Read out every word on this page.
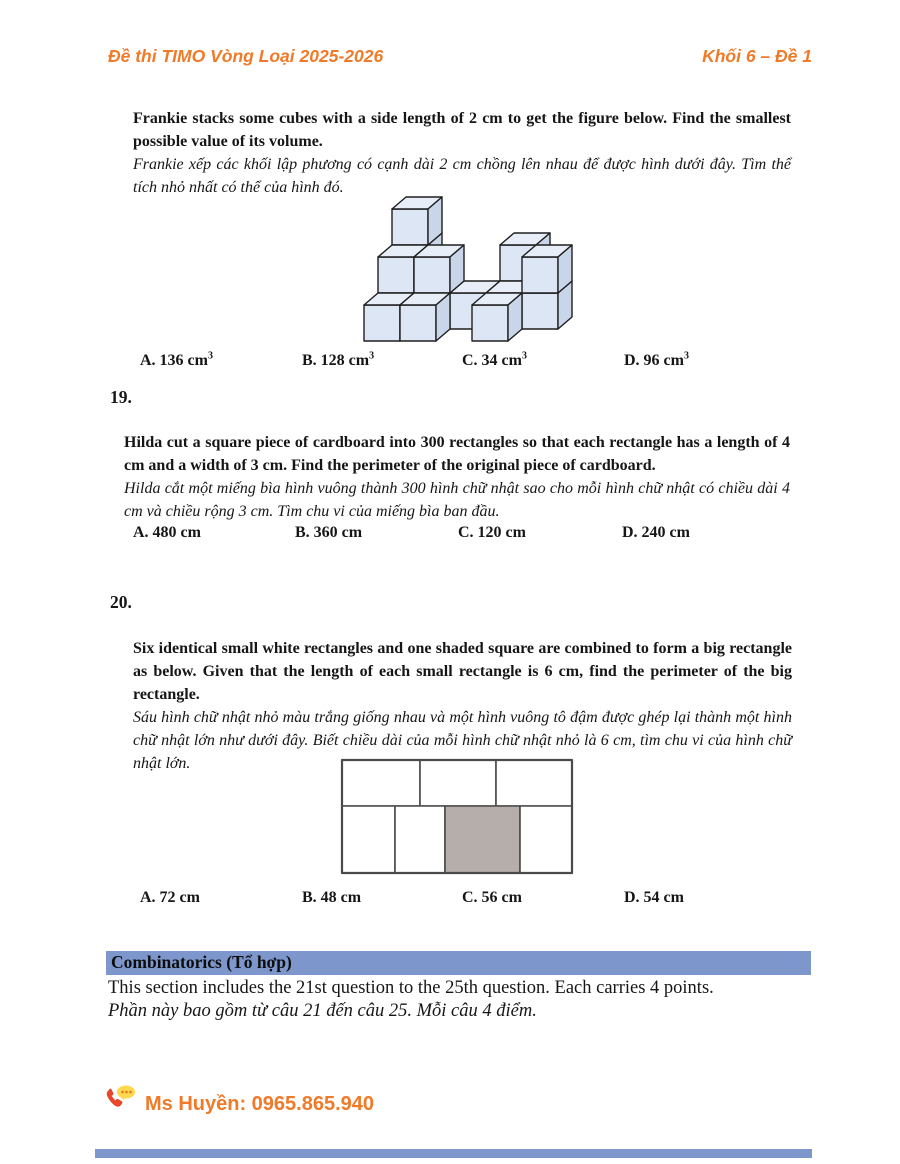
Đề thi TIMO Vòng Loại 2025-2026	Khối 6 – Đề 1

Frankie stacks some cubes with a side length of 2 cm to get the figure below. Find the smallest possible value of its volume.

Frankie xếp các khối lập phương có cạnh dài 2 cm chồng lên nhau để được hình dưới đây. Tìm thể tích nhỏ nhất có thể của hình đó.

A. 136 $cm^3$	B. 128 $cm^3$	C. 34 $cm^3$	D. 96 $cm^3$
19.

Hilda cut a square piece of cardboard into 300 rectangles so that each rectangle has a length of 4 cm and a width of 3 cm. Find the perimeter of the original piece of cardboard.

Hilda cắt một miếng bìa hình vuông thành 300 hình chữ nhật sao cho mỗi hình chữ nhật có chiều dài 4 cm và chiều rộng 3 cm. Tìm chu vi của miếng bìa ban đầu.

A. 480 cm	B. 360 cm	C. 120 cm	D. 240 cm
20.

Six identical small white rectangles and one shaded square are combined to form a big rectangle as below. Given that the length of each small rectangle is 6 cm, find the perimeter of the big rectangle.

Sáu hình chữ nhật nhỏ màu trắng giống nhau và một hình vuông tô đậm được ghép lại thành một hình chữ nhật lớn như dưới đây. Biết chiều dài của mỗi hình chữ nhật nhỏ là 6 cm, tìm chu vi của hình chữ nhật lớn.

A. 72 cm	B. 48 cm	C. 56 cm	D. 54 cm
Combinatorics (Tổ hợp)

This section includes the 21st question to the 25th question. Each carries 4 points.

Phần này bao gồm từ câu 21 đến câu 25. Mỗi câu 4 điểm.

Ms Huyền: 0965.865.940
